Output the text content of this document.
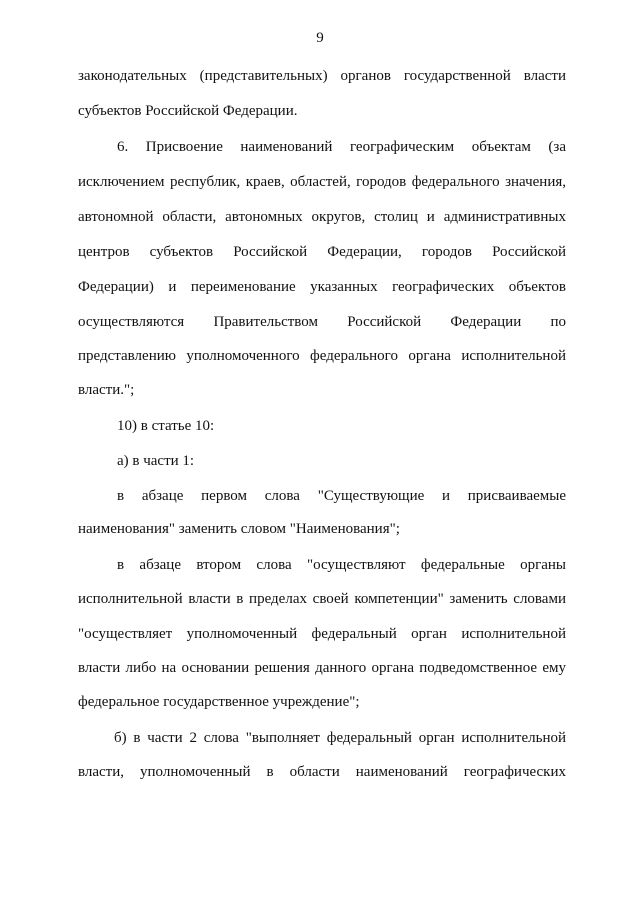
9
законодательных (представительных) органов государственной власти
субъектов Российской Федерации.
6. Присвоение наименований географическим объектам (за
исключением республик, краев, областей, городов федерального значения,
автономной области, автономных округов, столиц и административных
центров субъектов Российской Федерации, городов Российской
Федерации) и переименование указанных географических объектов
осуществляются Правительством Российской Федерации по
представлению уполномоченного федерального органа исполнительной
власти.";
10) в статье 10:
а) в части 1:
в абзаце первом слова "Существующие и присваиваемые
наименования" заменить словом "Наименования";
в абзаце втором слова "осуществляют федеральные органы
исполнительной власти в пределах своей компетенции" заменить словами
"осуществляет уполномоченный федеральный орган исполнительной
власти либо на основании решения данного органа подведомственное ему
федеральное государственное учреждение";
б) в части 2 слова "выполняет федеральный орган исполнительной
власти, уполномоченный в области наименований географических
